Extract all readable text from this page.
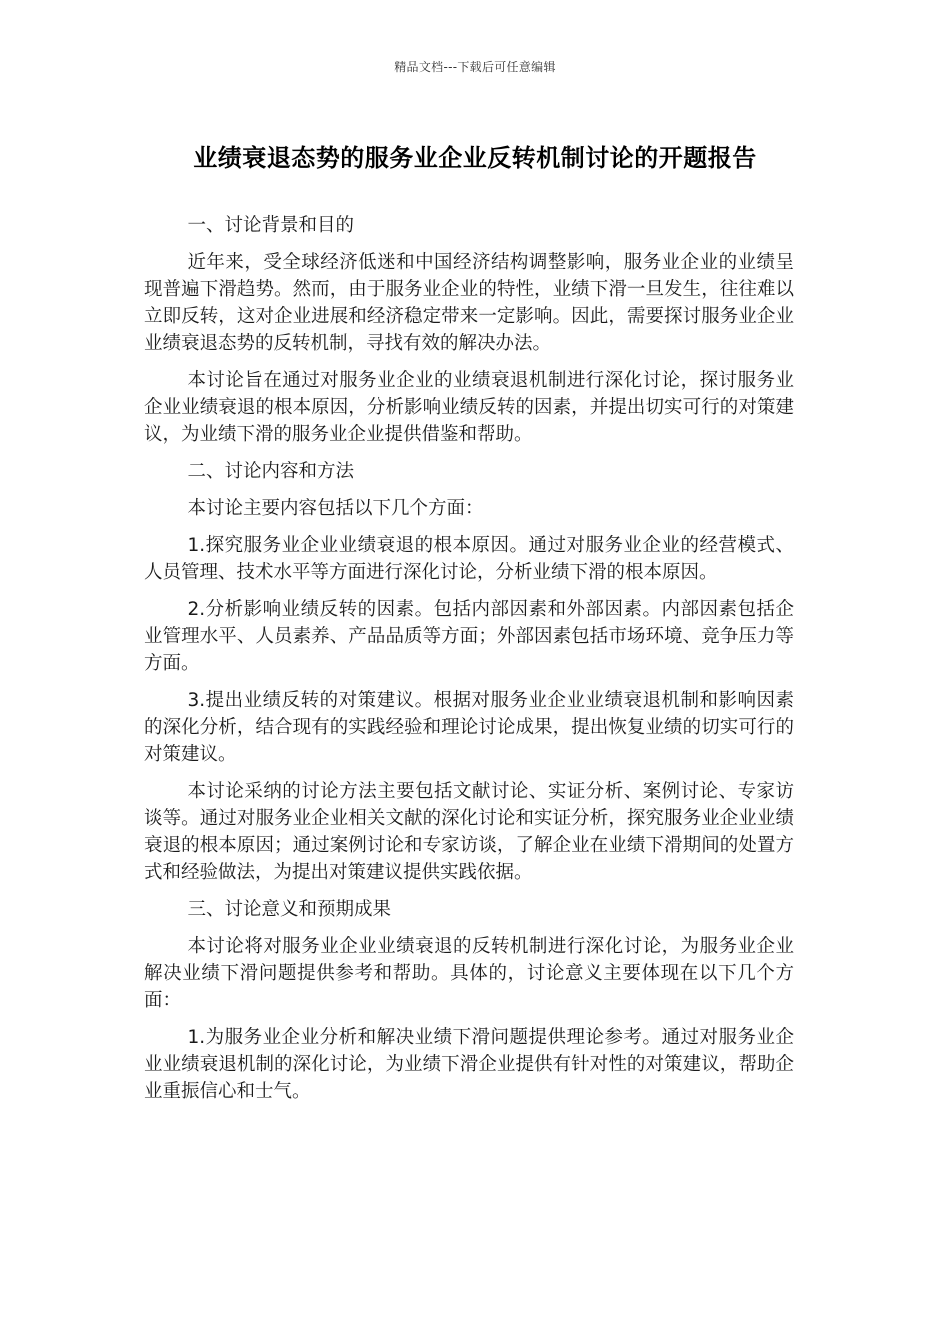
精品文档---下载后可任意编辑
业绩衰退态势的服务业企业反转机制讨论的开题报告

一、讨论背景和目的

近年来，受全球经济低迷和中国经济结构调整影响，服务业企业的业绩呈现普遍下滑趋势。然而，由于服务业企业的特性，业绩下滑一旦发生，往往难以立即反转，这对企业进展和经济稳定带来一定影响。因此，需要探讨服务业企业业绩衰退态势的反转机制，寻找有效的解决办法。

本讨论旨在通过对服务业企业的业绩衰退机制进行深化讨论，探讨服务业企业业绩衰退的根本原因，分析影响业绩反转的因素，并提出切实可行的对策建议，为业绩下滑的服务业企业提供借鉴和帮助。

二、讨论内容和方法

本讨论主要内容包括以下几个方面：

1.探究服务业企业业绩衰退的根本原因。通过对服务业企业的经营模式、人员管理、技术水平等方面进行深化讨论，分析业绩下滑的根本原因。

2.分析影响业绩反转的因素。包括内部因素和外部因素。内部因素包括企业管理水平、人员素养、产品品质等方面；外部因素包括市场环境、竞争压力等方面。

3.提出业绩反转的对策建议。根据对服务业企业业绩衰退机制和影响因素的深化分析，结合现有的实践经验和理论讨论成果，提出恢复业绩的切实可行的对策建议。

本讨论采纳的讨论方法主要包括文献讨论、实证分析、案例讨论、专家访谈等。通过对服务业企业相关文献的深化讨论和实证分析，探究服务业企业业绩衰退的根本原因；通过案例讨论和专家访谈，了解企业在业绩下滑期间的处置方式和经验做法，为提出对策建议提供实践依据。

三、讨论意义和预期成果

本讨论将对服务业企业业绩衰退的反转机制进行深化讨论，为服务业企业解决业绩下滑问题提供参考和帮助。具体的，讨论意义主要体现在以下几个方面：

1.为服务业企业分析和解决业绩下滑问题提供理论参考。通过对服务业企业业绩衰退机制的深化讨论，为业绩下滑企业提供有针对性的对策建议，帮助企业重振信心和士气。
